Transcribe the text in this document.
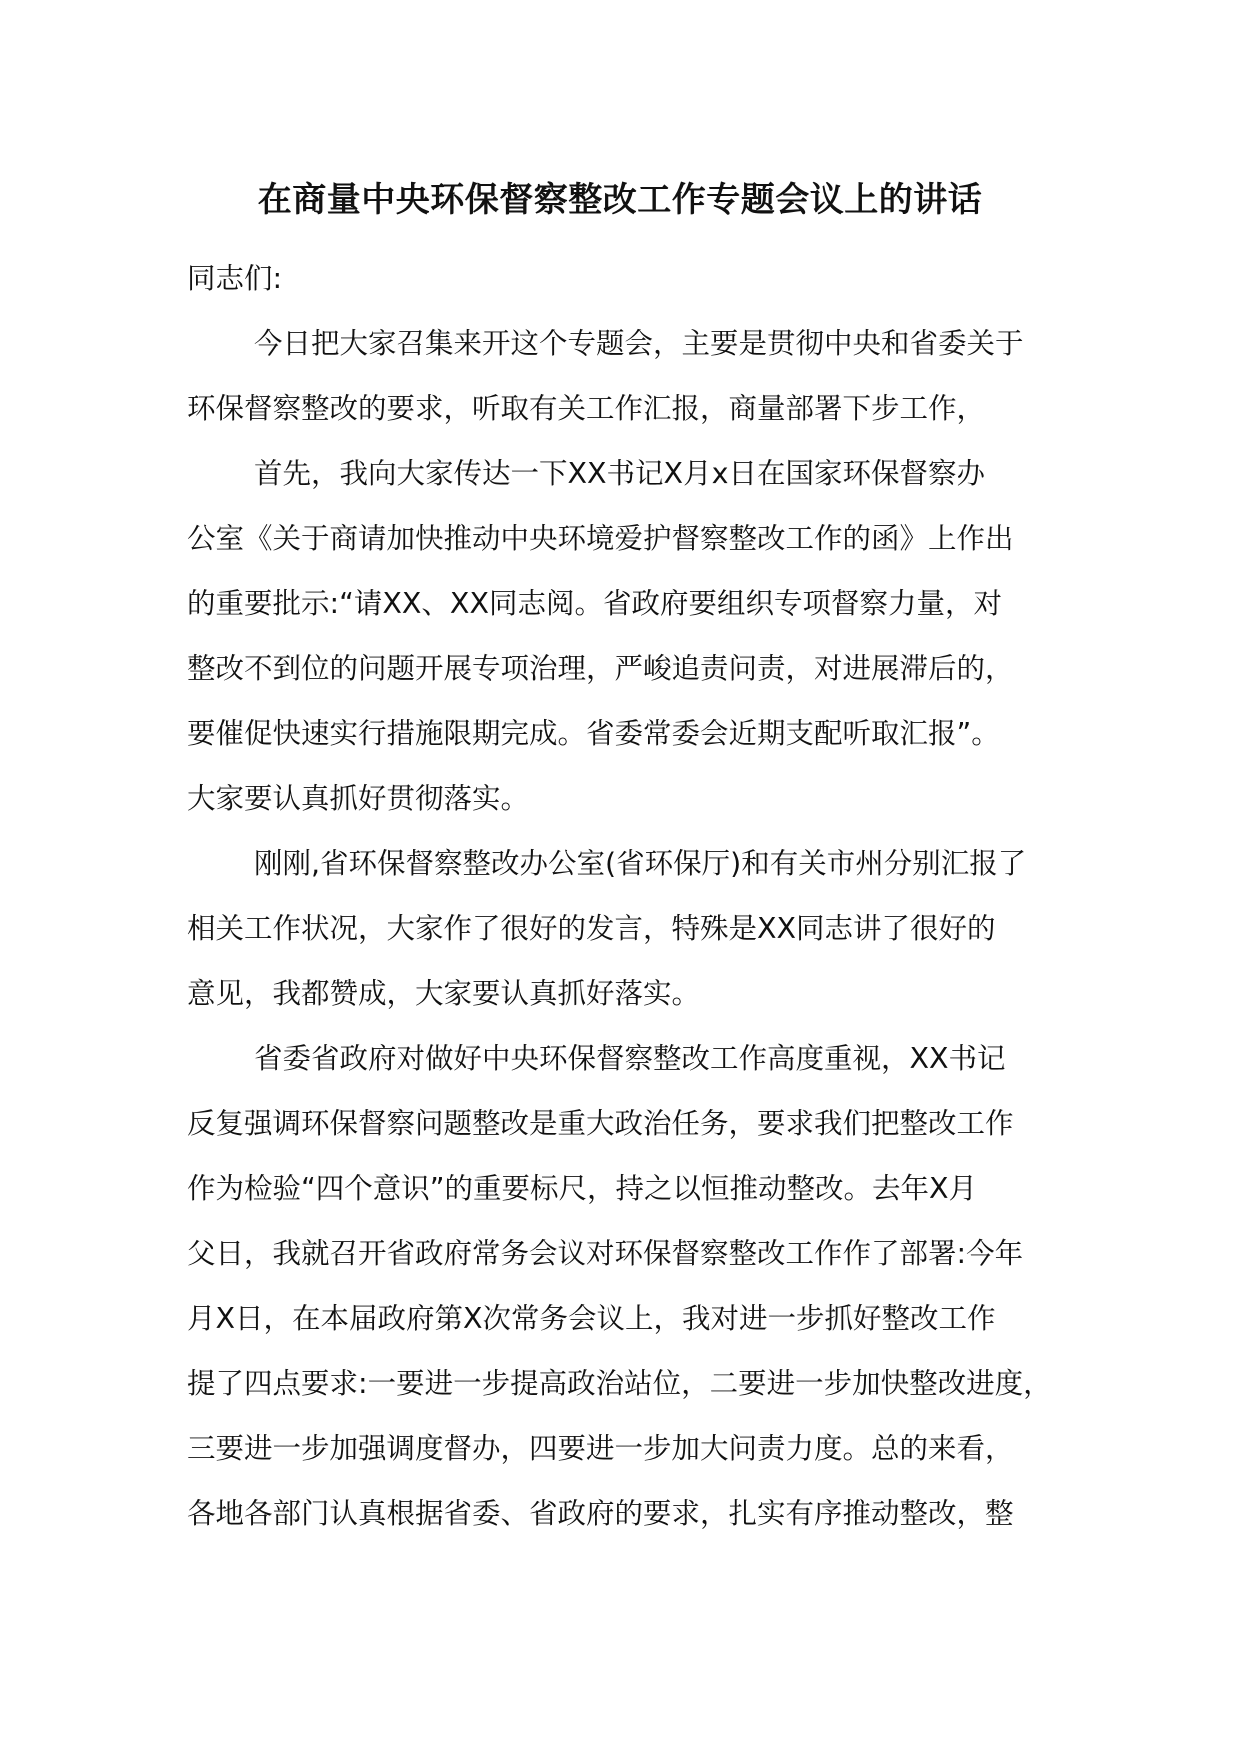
在商量中央环保督察整改工作专题会议上的讲话
同志们:
今日把大家召集来开这个专题会，主要是贯彻中央和省委关于
环保督察整改的要求，听取有关工作汇报，商量部署下步工作，
首先，我向大家传达一下XX书记X月x日在国家环保督察办
公室《关于商请加快推动中央环境爱护督察整改工作的函》上作出
的重要批示:“请XX、XX同志阅。省政府要组织专项督察力量，对
整改不到位的问题开展专项治理，严峻追责问责，对进展滞后的，
要催促快速实行措施限期完成。省委常委会近期支配听取汇报”。
大家要认真抓好贯彻落实。
刚刚,省环保督察整改办公室(省环保厅)和有关市州分别汇报了
相关工作状况，大家作了很好的发言，特殊是XX同志讲了很好的
意见，我都赞成，大家要认真抓好落实。
省委省政府对做好中央环保督察整改工作高度重视，XX书记
反复强调环保督察问题整改是重大政治任务，要求我们把整改工作
作为检验“四个意识”的重要标尺，持之以恒推动整改。去年X月
父日，我就召开省政府常务会议对环保督察整改工作作了部署:今年
月X日，在本届政府第X次常务会议上，我对进一步抓好整改工作
提了四点要求:一要进一步提高政治站位，二要进一步加快整改进度，
三要进一步加强调度督办，四要进一步加大问责力度。总的来看，
各地各部门认真根据省委、省政府的要求，扎实有序推动整改，整
